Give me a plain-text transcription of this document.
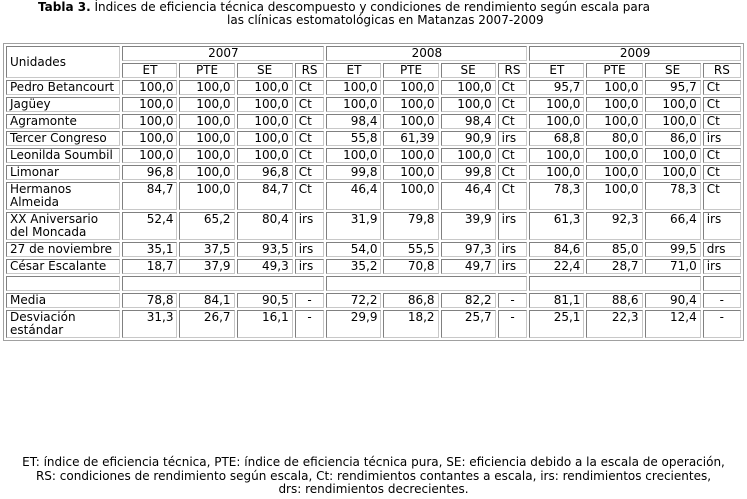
Tabla 3. Índices de eficiencia técnica descompuesto y condiciones de rendimiento según escala para
las clínicas estomatológicas en Matanzas 2007-2009
Unidades	2007				2008				2009			
	ET	PTE	SE	RS	ET	PTE	SE	RS	ET	PTE	SE	RS
Pedro Betancourt	100,0	100,0	100,0	Ct	100,0	100,0	100,0	Ct	95,7	100,0	95,7	Ct
Jagüey	100,0	100,0	100,0	Ct	100,0	100,0	100,0	Ct	100,0	100,0	100,0	Ct
Agramonte	100,0	100,0	100,0	Ct	98,4	100,0	98,4	Ct	100,0	100,0	100,0	Ct
Tercer Congreso	100,0	100,0	100,0	Ct	55,8	61,39	90,9	irs	68,8	80,0	86,0	irs
Leonilda Soumbil	100,0	100,0	100,0	Ct	100,0	100,0	100,0	Ct	100,0	100,0	100,0	Ct
Limonar	96,8	100,0	96,8	Ct	99,8	100,0	99,8	Ct	100,0	100,0	100,0	Ct
Hermanos Almeida	84,7	100,0	84,7	Ct	46,4	100,0	46,4	Ct	78,3	100,0	78,3	Ct
XX Aniversario del Moncada	52,4	65,2	80,4	irs	31,9	79,8	39,9	irs	61,3	92,3	66,4	irs
27 de noviembre	35,1	37,5	93,5	irs	54,0	55,5	97,3	irs	84,6	85,0	99,5	drs
César Escalante	18,7	37,9	49,3	irs	35,2	70,8	49,7	irs	22,4	28,7	71,0	irs

Media	78,8	84,1	90,5	-	72,2	86,8	82,2	-	81,1	88,6	90,4	-
Desviación estándar	31,3	26,7	16,1	-	29,9	18,2	25,7	-	25,1	22,3	12,4	-
ET: índice de eficiencia técnica, PTE: índice de eficiencia técnica pura, SE: eficiencia debido a la escala de operación,
RS: condiciones de rendimiento según escala, Ct: rendimientos contantes a escala, irs: rendimientos crecientes,
drs: rendimientos decrecientes.
